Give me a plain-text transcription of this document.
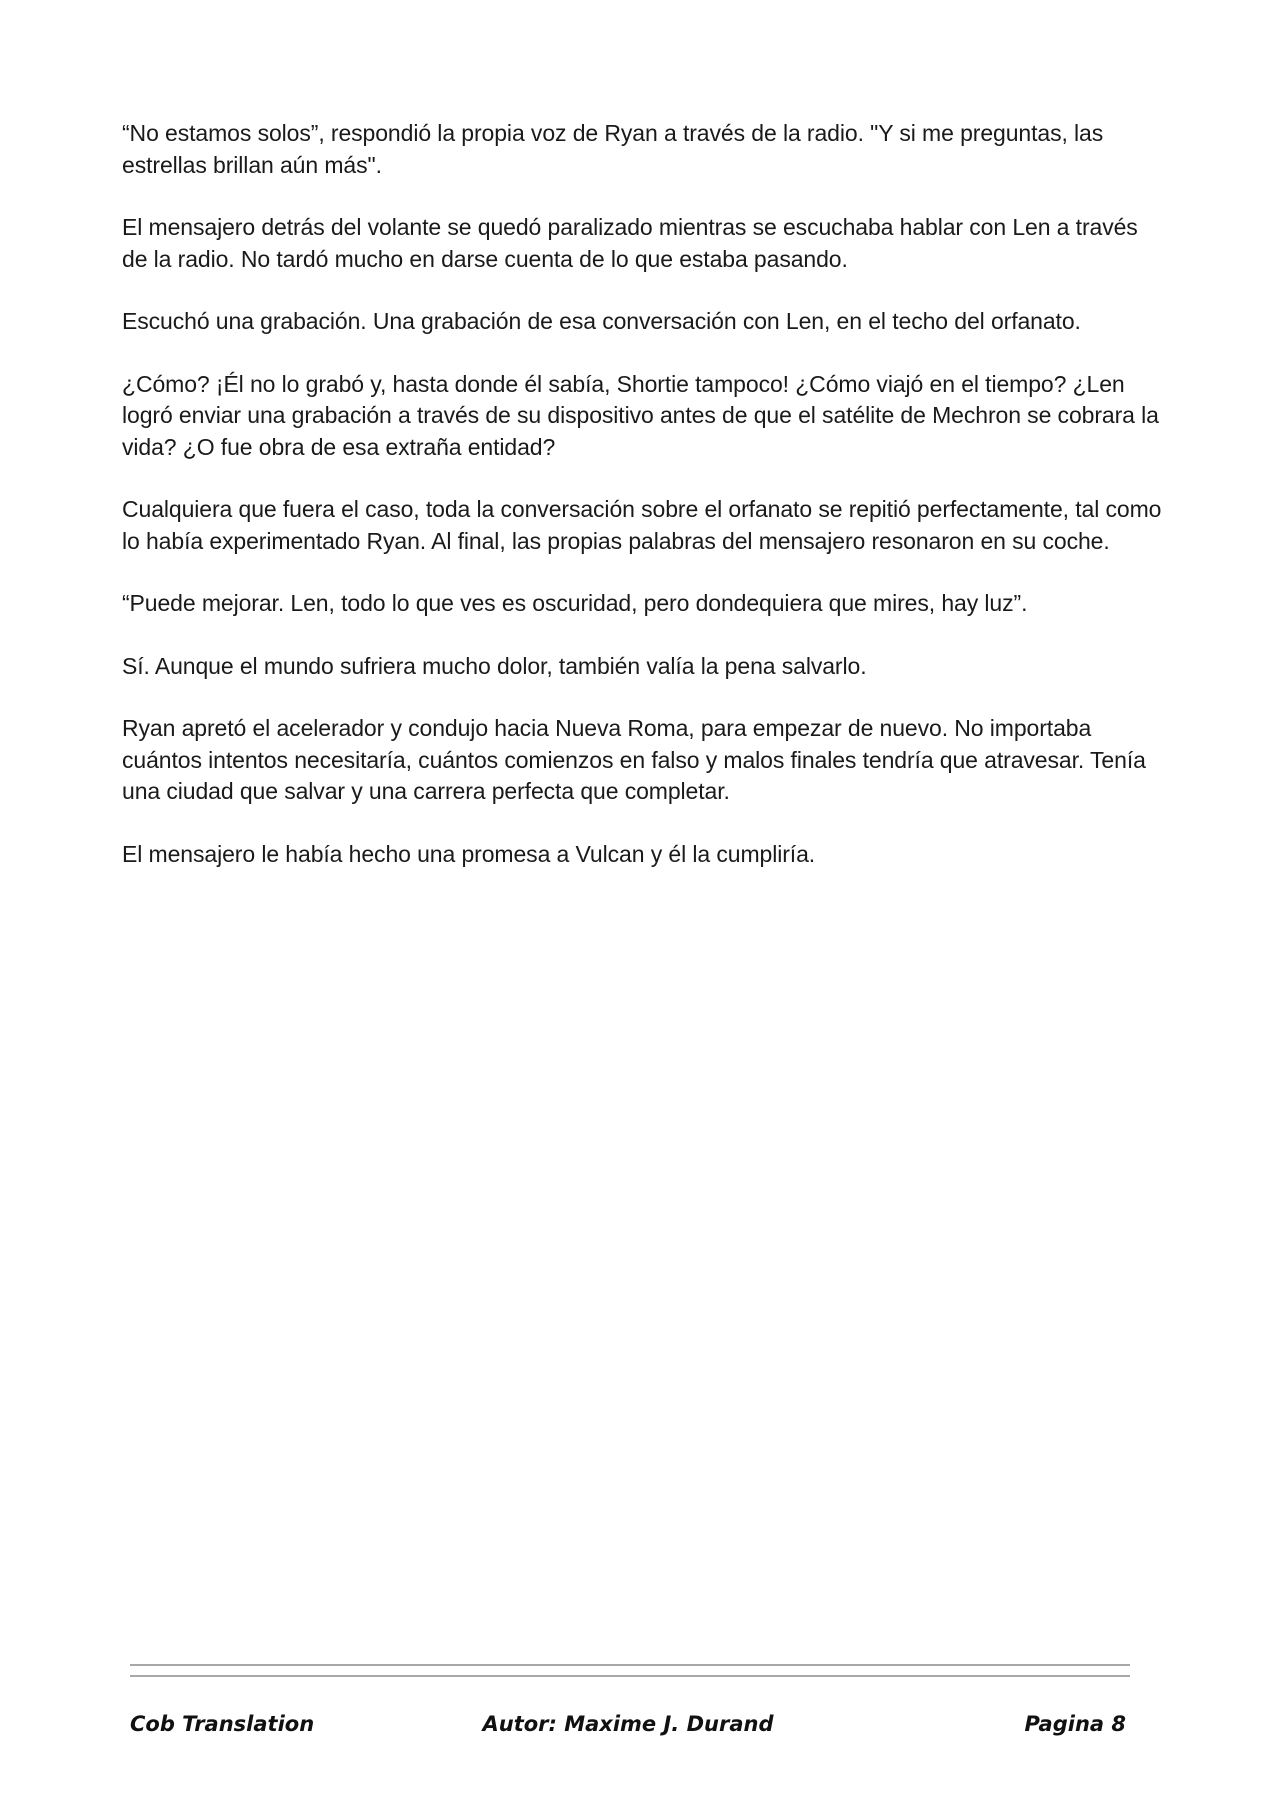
“No estamos solos”, respondió la propia voz de Ryan a través de la radio. "Y si me preguntas, las estrellas brillan aún más".

El mensajero detrás del volante se quedó paralizado mientras se escuchaba hablar con Len a través de la radio. No tardó mucho en darse cuenta de lo que estaba pasando.

Escuchó una grabación. Una grabación de esa conversación con Len, en el techo del orfanato.

¿Cómo? ¡Él no lo grabó y, hasta donde él sabía, Shortie tampoco! ¿Cómo viajó en el tiempo? ¿Len logró enviar una grabación a través de su dispositivo antes de que el satélite de Mechron se cobrara la vida? ¿O fue obra de esa extraña entidad?

Cualquiera que fuera el caso, toda la conversación sobre el orfanato se repitió perfectamente, tal como lo había experimentado Ryan. Al final, las propias palabras del mensajero resonaron en su coche.

“Puede mejorar. Len, todo lo que ves es oscuridad, pero dondequiera que mires, hay luz”.

Sí. Aunque el mundo sufriera mucho dolor, también valía la pena salvarlo.

Ryan apretó el acelerador y condujo hacia Nueva Roma, para empezar de nuevo. No importaba cuántos intentos necesitaría, cuántos comienzos en falso y malos finales tendría que atravesar. Tenía una ciudad que salvar y una carrera perfecta que completar.

El mensajero le había hecho una promesa a Vulcan y él la cumpliría.

Cob Translation	Autor: Maxime J. Durand	Pagina 8
